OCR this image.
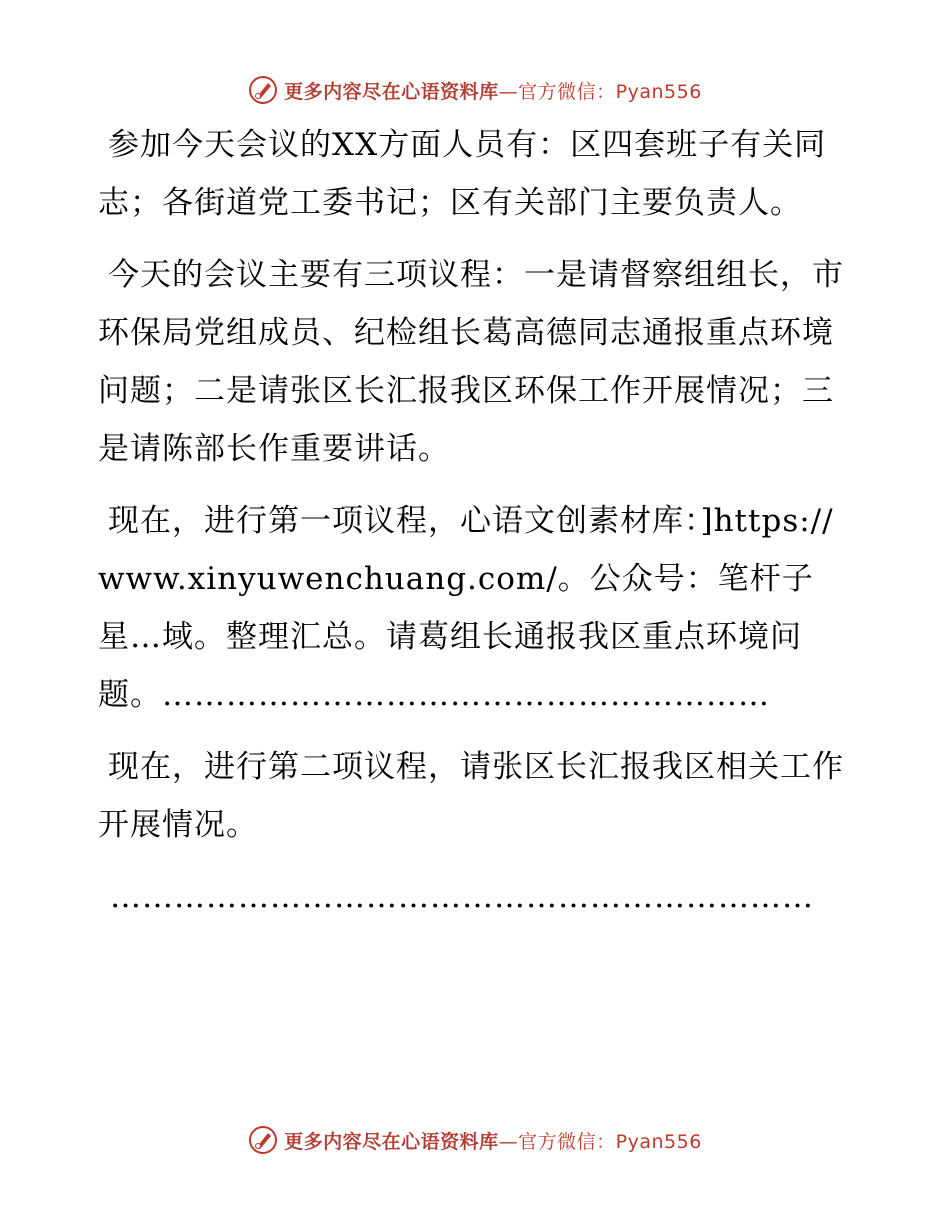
更多内容尽在心语资料库—官方微信：Pyan556

参加今天会议的XX方面人员有：区四套班子有关同志；各街道党工委书记；区有关部门主要负责人。

今天的会议主要有三项议程：一是请督察组组长，市环保局党组成员、纪检组长葛高德同志通报重点环境问题；二是请张区长汇报我区环保工作开展情况；三是请陈部长作重要讲话。

现在，进行第一项议程，心语文创素材库：]https://www.xinyuwenchuang.com/。公众号：笔杆子星…域。整理汇总。请葛组长通报我区重点环境问题。…………………………………………………

现在，进行第二项议程，请张区长汇报我区相关工作开展情况。

…………………………………………………………

更多内容尽在心语资料库—官方微信：Pyan556
